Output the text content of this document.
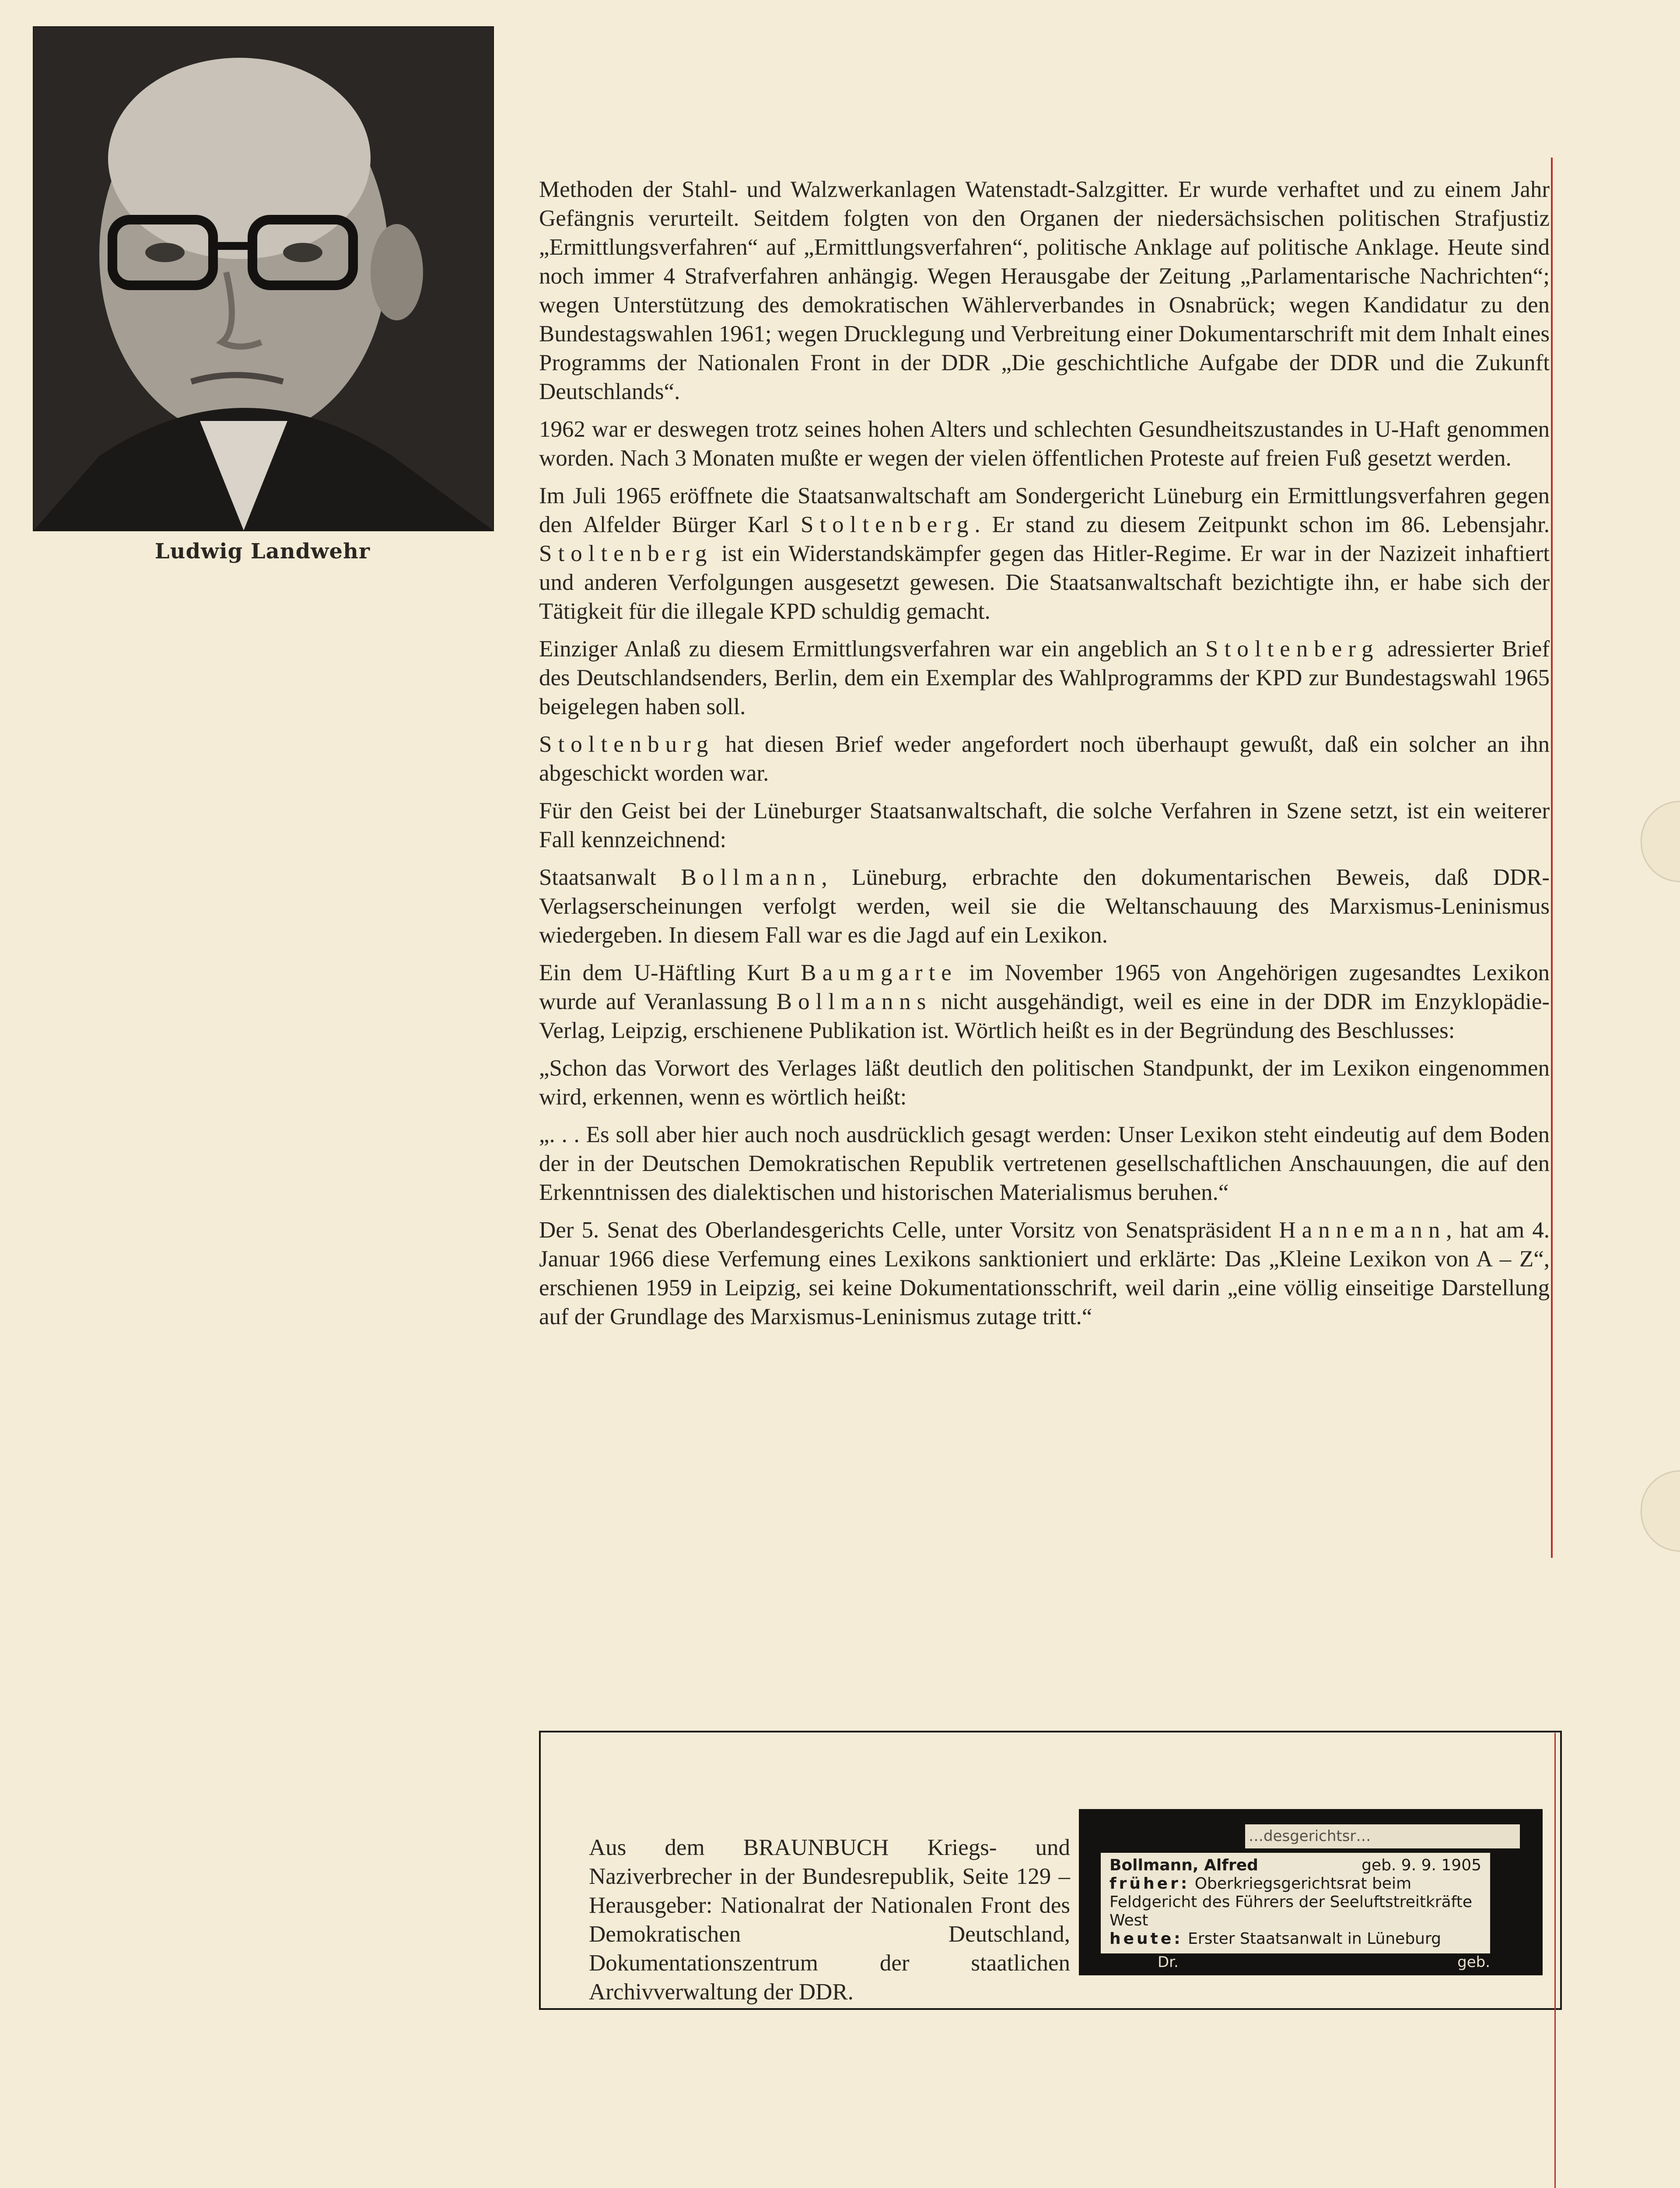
Ludwig Landwehr

Methoden der Stahl- und Walzwerkanlagen Watenstadt-Salzgitter. Er wurde verhaftet und zu einem Jahr Gefängnis verurteilt. Seitdem folgten von den Organen der niedersächsischen politischen Strafjustiz „Ermittlungsverfahren“ auf „Ermittlungsverfahren“, politische Anklage auf politische Anklage. Heute sind noch immer 4 Strafverfahren anhängig. Wegen Herausgabe der Zeitung „Parlamentarische Nachrichten“; wegen Unterstützung des demokratischen Wählerverbandes in Osnabrück; wegen Kandidatur zu den Bundestagswahlen 1961; wegen Drucklegung und Verbreitung einer Dokumentarschrift mit dem Inhalt eines Programms der Nationalen Front in der DDR „Die geschichtliche Aufgabe der DDR und die Zukunft Deutschlands“.

1962 war er deswegen trotz seines hohen Alters und schlechten Gesundheitszustandes in U-Haft genommen worden. Nach 3 Monaten mußte er wegen der vielen öffentlichen Proteste auf freien Fuß gesetzt werden.

Im Juli 1965 eröffnete die Staatsanwaltschaft am Sondergericht Lüneburg ein Ermittlungsverfahren gegen den Alfelder Bürger Karl Stoltenberg. Er stand zu diesem Zeitpunkt schon im 86. Lebensjahr. Stoltenberg ist ein Widerstandskämpfer gegen das Hitler-Regime. Er war in der Nazizeit inhaftiert und anderen Verfolgungen ausgesetzt gewesen. Die Staatsanwaltschaft bezichtigte ihn, er habe sich der Tätigkeit für die illegale KPD schuldig gemacht.

Einziger Anlaß zu diesem Ermittlungsverfahren war ein angeblich an Stoltenberg adressierter Brief des Deutschlandsenders, Berlin, dem ein Exemplar des Wahlprogramms der KPD zur Bundestagswahl 1965 beigelegen haben soll.

Stoltenburg hat diesen Brief weder angefordert noch überhaupt gewußt, daß ein solcher an ihn abgeschickt worden war.

Für den Geist bei der Lüneburger Staatsanwaltschaft, die solche Verfahren in Szene setzt, ist ein weiterer Fall kennzeichnend:

Staatsanwalt Bollmann, Lüneburg, erbrachte den dokumentarischen Beweis, daß DDR-Verlagserscheinungen verfolgt werden, weil sie die Weltanschauung des Marxismus-Leninismus wiedergeben. In diesem Fall war es die Jagd auf ein Lexikon.

Ein dem U-Häftling Kurt Baumgarte im November 1965 von Angehörigen zugesandtes Lexikon wurde auf Veranlassung Bollmanns nicht ausgehändigt, weil es eine in der DDR im Enzyklopädie-Verlag, Leipzig, erschienene Publikation ist. Wörtlich heißt es in der Begründung des Beschlusses:

„Schon das Vorwort des Verlages läßt deutlich den politischen Standpunkt, der im Lexikon eingenommen wird, erkennen, wenn es wörtlich heißt:

„. . . Es soll aber hier auch noch ausdrücklich gesagt werden: Unser Lexikon steht eindeutig auf dem Boden der in der Deutschen Demokratischen Republik vertretenen gesellschaftlichen Anschauungen, die auf den Erkenntnissen des dialektischen und historischen Materialismus beruhen.“

Der 5. Senat des Oberlandesgerichts Celle, unter Vorsitz von Senatspräsident Hannemann, hat am 4. Januar 1966 diese Verfemung eines Lexikons sanktioniert und erklärte: Das „Kleine Lexikon von A – Z“, erschienen 1959 in Leipzig, sei keine Dokumentationsschrift, weil darin „eine völlig einseitige Darstellung auf der Grundlage des Marxismus-Leninismus zutage tritt.“

Aus dem BRAUNBUCH Kriegs- und Naziverbrecher in der Bundesrepublik, Seite 129 – Herausgeber: Nationalrat der Nationalen Front des Demokratischen Deutschland, Dokumentationszentrum der staatlichen Archivverwaltung der DDR.
…desgerichtsr…
Bollmann, Alfred	geb. 9. 9. 1905
früher: Oberkriegsgerichtsrat beim Feldgericht des Führers der Seeluftstreitkräfte West
heute: Erster Staatsanwalt in Lüneburg
Dr.	geb.
